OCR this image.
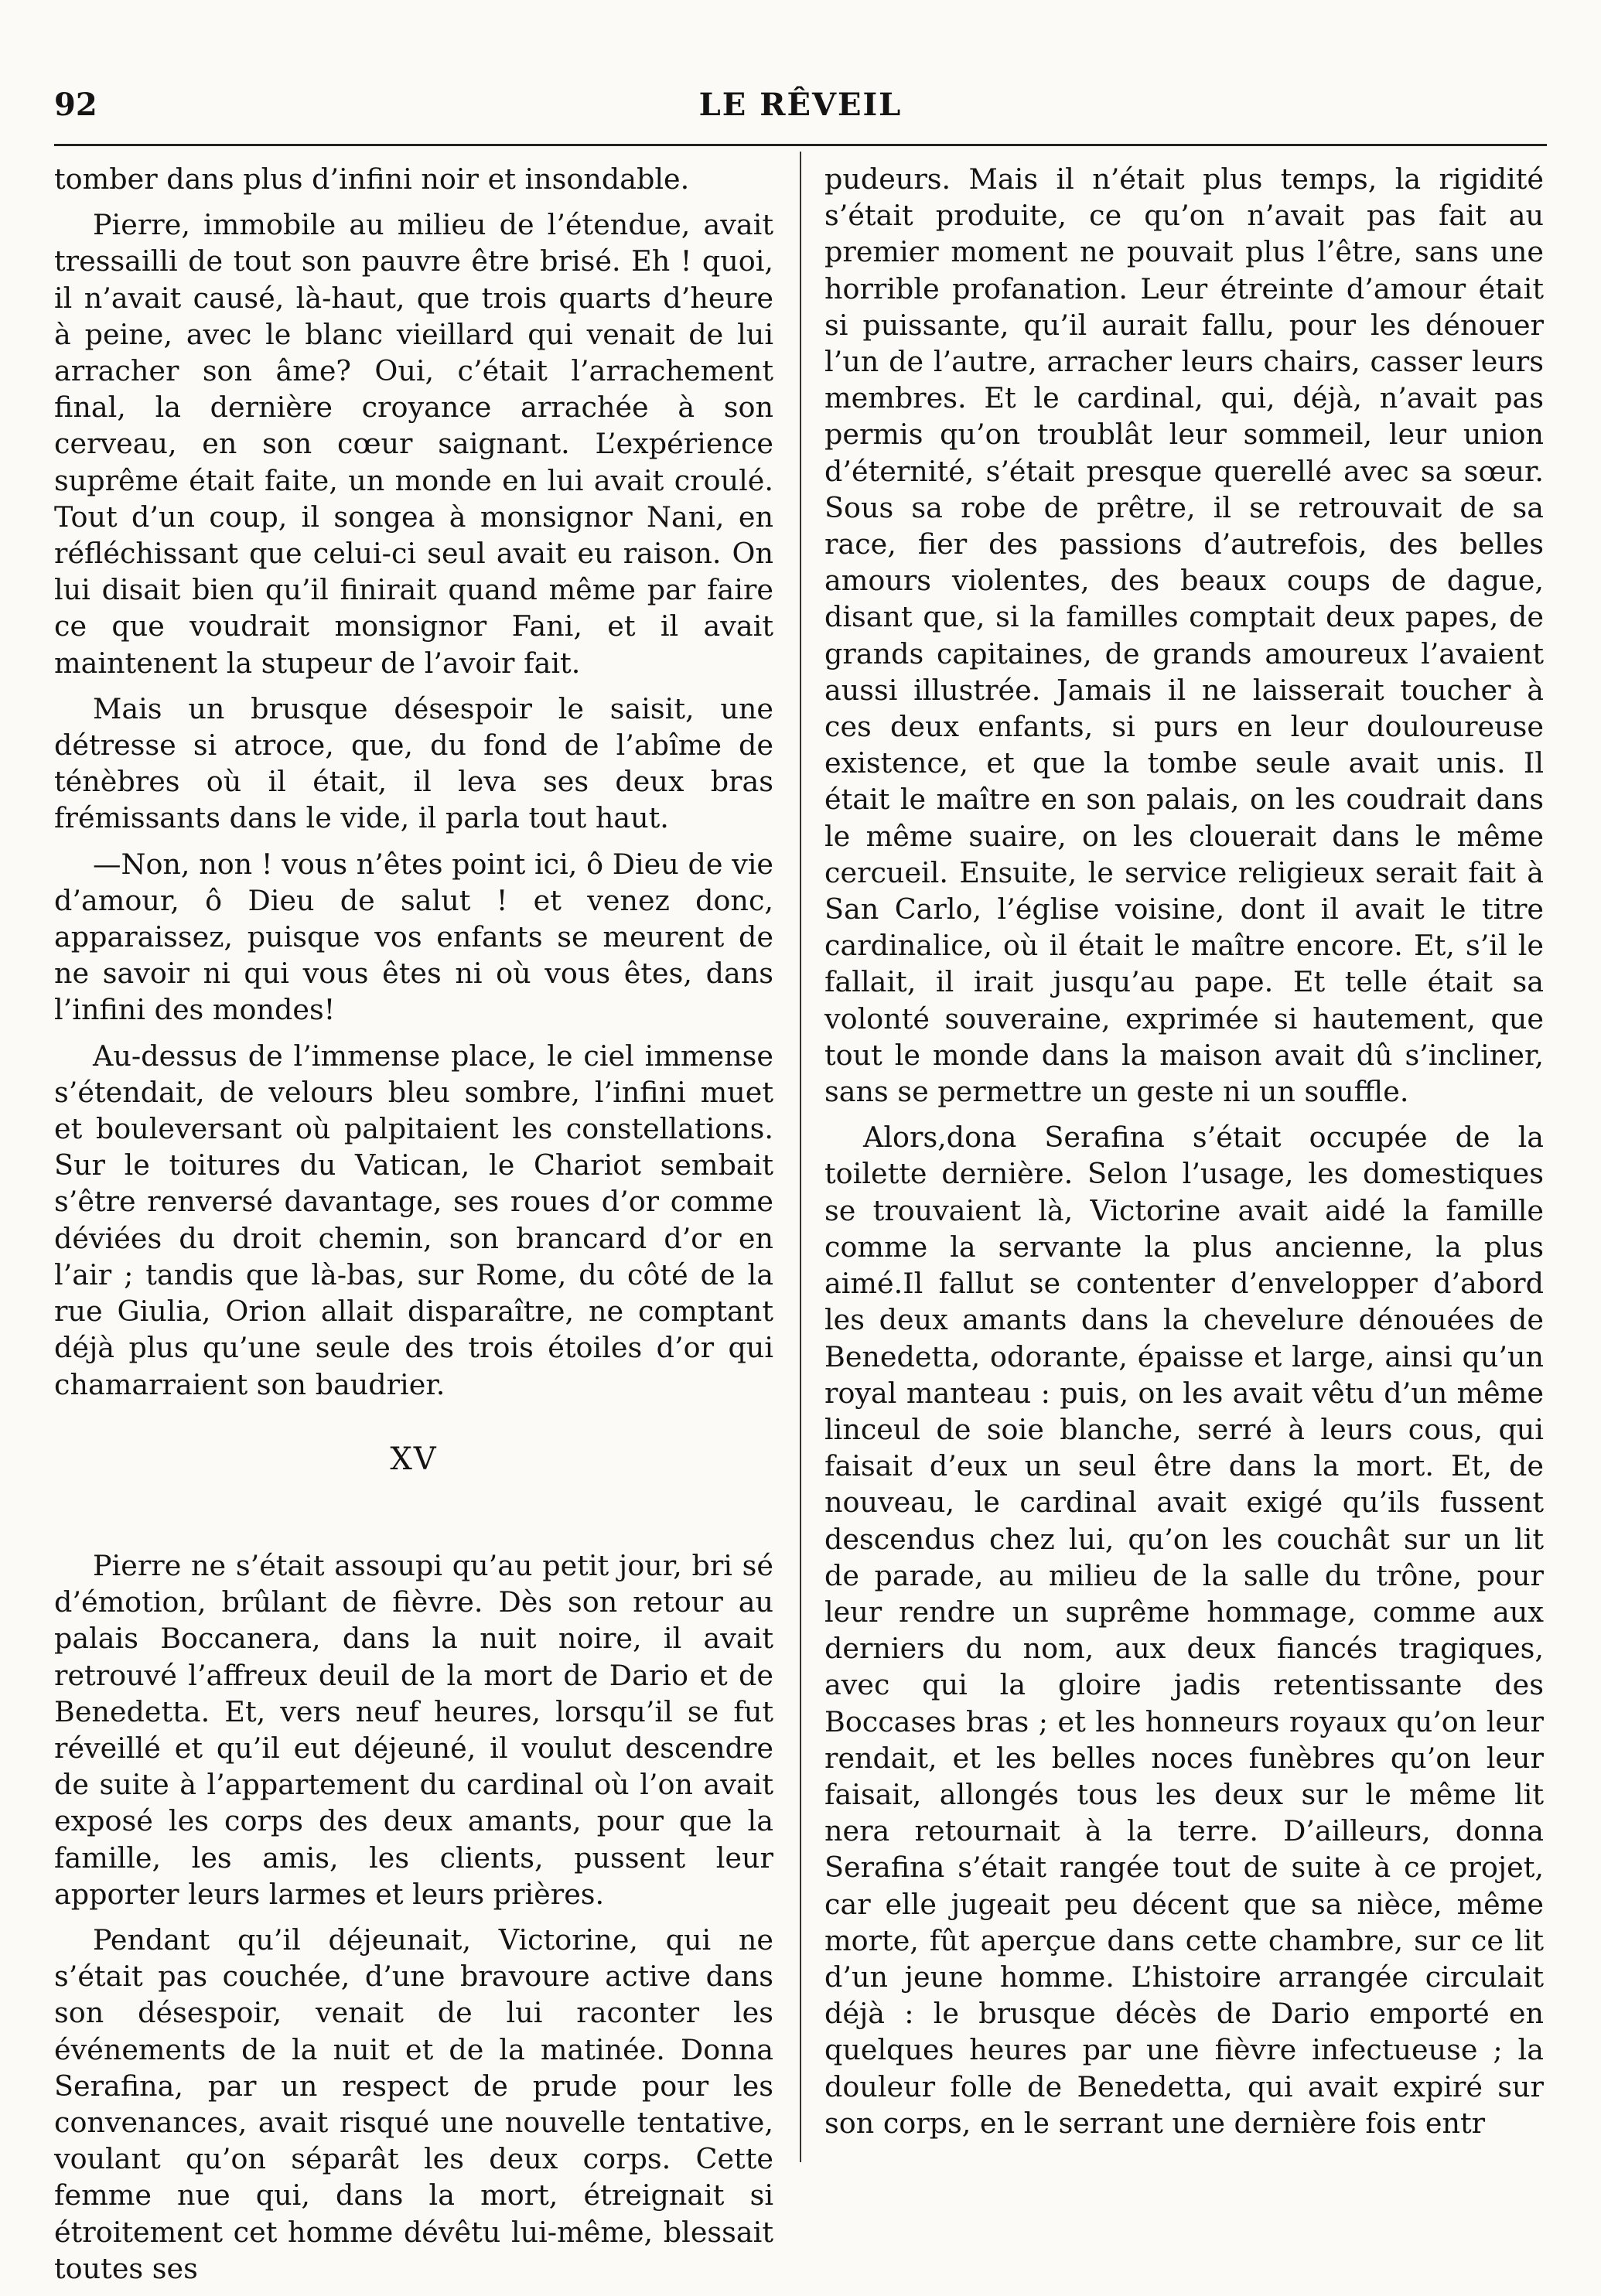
92	LE RÊVEIL

tomber dans plus d’infini noir et insondable.

Pierre, immobile au milieu de l’étendue, avait tressailli de tout son pauvre être brisé. Eh ! quoi, il n’avait causé, là-haut, que trois quarts d’heure à peine, avec le blanc vieillard qui venait de lui arracher son âme? Oui, c’était l’arrachement final, la dernière croyance arrachée à son cerveau, en son cœur saignant. L’expérience suprême était faite, un monde en lui avait croulé. Tout d’un coup, il songea à monsignor Nani, en réfléchissant que celui-ci seul avait eu raison. On lui disait bien qu’il finirait quand même par faire ce que voudrait monsignor Fani, et il avait maintenent la stupeur de l’avoir fait.

Mais un brusque désespoir le saisit, une détresse si atroce, que, du fond de l’abîme de ténèbres où il était, il leva ses deux bras frémissants dans le vide, il parla tout haut.

—Non, non ! vous n’êtes point ici, ô Dieu de vie d’amour, ô Dieu de salut ! et venez donc, apparaissez, puisque vos enfants se meurent de ne savoir ni qui vous êtes ni où vous êtes, dans l’infini des mondes!

Au-dessus de l’immense place, le ciel immense s’étendait, de velours bleu sombre, l’infini muet et bouleversant où palpitaient les constellations. Sur le toitures du Vatican, le Chariot sembait s’être renversé davantage, ses roues d’or comme déviées du droit chemin, son brancard d’or en l’air ; tandis que là-bas, sur Rome, du côté de la rue Giulia, Orion allait disparaître, ne comptant déjà plus qu’une seule des trois étoiles d’or qui chamarraient son baudrier.

XV

Pierre ne s’était assoupi qu’au petit jour, bri sé d’émotion, brûlant de fièvre. Dès son retour au palais Boccanera, dans la nuit noire, il avait retrouvé l’affreux deuil de la mort de Dario et de Benedetta. Et, vers neuf heures, lorsqu’il se fut réveillé et qu’il eut déjeuné, il voulut descendre de suite à l’appartement du cardinal où l’on avait exposé les corps des deux amants, pour que la famille, les amis, les clients, pussent leur apporter leurs larmes et leurs prières.

Pendant qu’il déjeunait, Victorine, qui ne s’était pas couchée, d’une bravoure active dans son désespoir, venait de lui raconter les événements de la nuit et de la matinée. Donna Serafina, par un respect de prude pour les convenances, avait risqué une nouvelle tentative, voulant qu’on séparât les deux corps. Cette femme nue qui, dans la mort, étreignait si étroitement cet homme dévêtu lui-même, blessait toutes ses

pudeurs. Mais il n’était plus temps, la rigidité s’était produite, ce qu’on n’avait pas fait au premier moment ne pouvait plus l’être, sans une horrible profanation. Leur étreinte d’amour était si puissante, qu’il aurait fallu, pour les dénouer l’un de l’autre, arracher leurs chairs, casser leurs membres. Et le cardinal, qui, déjà, n’avait pas permis qu’on troublât leur sommeil, leur union d’éternité, s’était presque querellé avec sa sœur. Sous sa robe de prêtre, il se retrouvait de sa race, fier des passions d’autrefois, des belles amours violentes, des beaux coups de dague, disant que, si la familles comptait deux papes, de grands capitaines, de grands amoureux l’avaient aussi illustrée. Jamais il ne laisserait toucher à ces deux enfants, si purs en leur douloureuse existence, et que la tombe seule avait unis. Il était le maître en son palais, on les coudrait dans le même suaire, on les clouerait dans le même cercueil. Ensuite, le service religieux serait fait à San Carlo, l’église voisine, dont il avait le titre cardinalice, où il était le maître encore. Et, s’il le fallait, il irait jusqu’au pape. Et telle était sa volonté souveraine, exprimée si hautement, que tout le monde dans la maison avait dû s’incliner, sans se permettre un geste ni un souffle.

Alors,dona Serafina s’était occupée de la toilette dernière. Selon l’usage, les domestiques se trouvaient là, Victorine avait aidé la famille comme la servante la plus ancienne, la plus aimé.Il fallut se contenter d’envelopper d’abord les deux amants dans la chevelure dénouées de Benedetta, odorante, épaisse et large, ainsi qu’un royal manteau : puis, on les avait vêtu d’un même linceul de soie blanche, serré à leurs cous, qui faisait d’eux un seul être dans la mort. Et, de nouveau, le cardinal avait exigé qu’ils fussent descendus chez lui, qu’on les couchât sur un lit de parade, au milieu de la salle du trône, pour leur rendre un suprême hommage, comme aux derniers du nom, aux deux fiancés tragiques, avec qui la gloire jadis retentissante des Boccases bras ; et les honneurs royaux qu’on leur rendait, et les belles noces funèbres qu’on leur faisait, allongés tous les deux sur le même lit nera retournait à la terre. D’ailleurs, donna Serafina s’était rangée tout de suite à ce projet, car elle jugeait peu décent que sa nièce, même morte, fût aperçue dans cette chambre, sur ce lit d’un jeune homme. L’histoire arrangée circulait déjà : le brusque décès de Dario emporté en quelques heures par une fièvre infectueuse ; la douleur folle de Benedetta, qui avait expiré sur son corps, en le serrant une dernière fois entr
